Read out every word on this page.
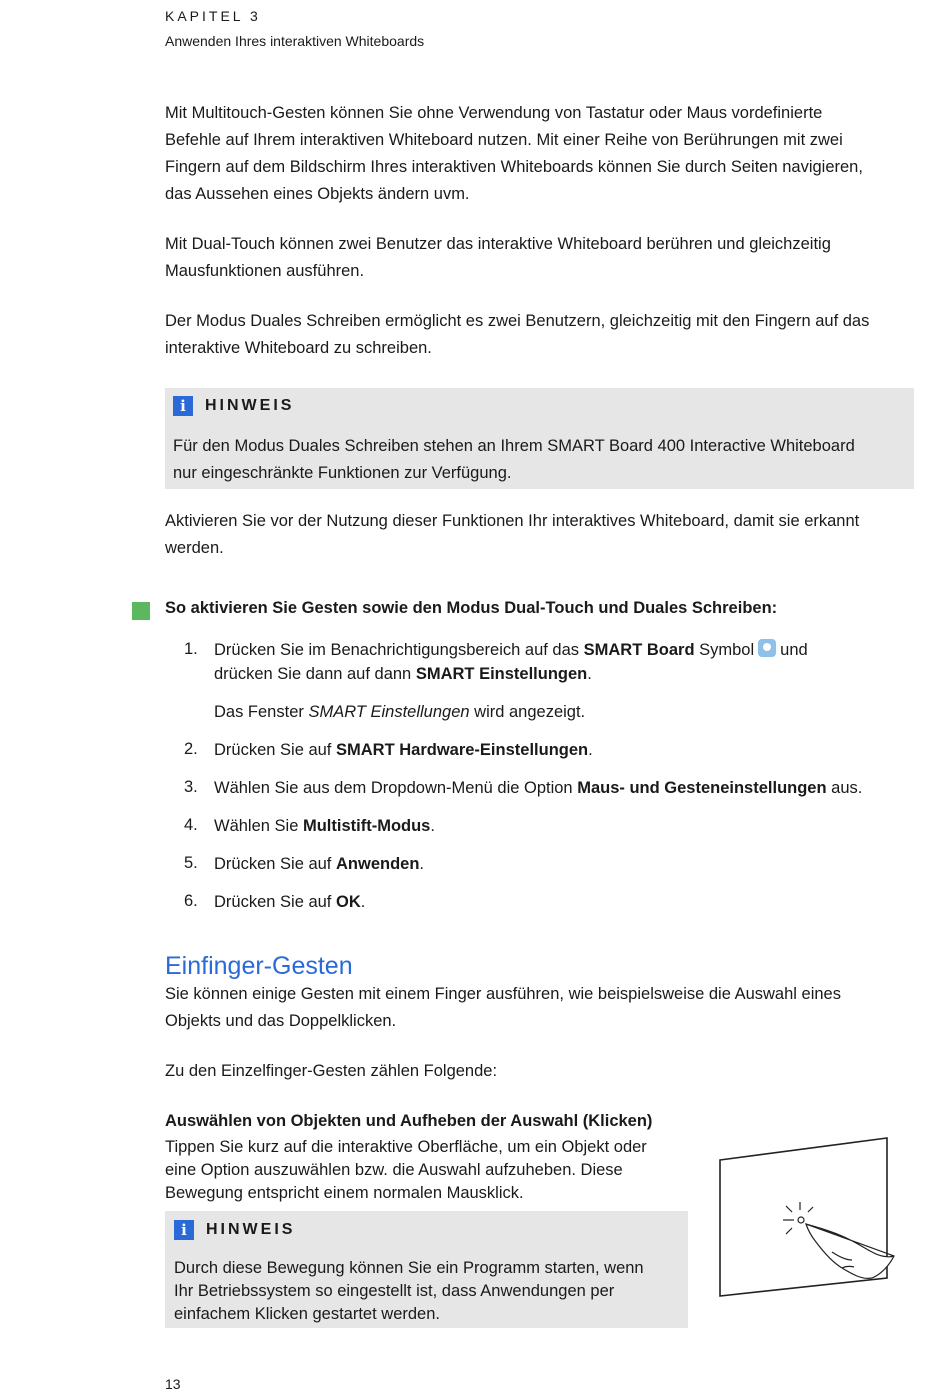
KAPITEL 3
Anwenden Ihres interaktiven Whiteboards
Mit Multitouch-Gesten können Sie ohne Verwendung von Tastatur oder Maus vordefinierte
Befehle auf Ihrem interaktiven Whiteboard nutzen. Mit einer Reihe von Berührungen mit zwei
Fingern auf dem Bildschirm Ihres interaktiven Whiteboards können Sie durch Seiten navigieren,
das Aussehen eines Objekts ändern uvm.
Mit Dual-Touch können zwei Benutzer das interaktive Whiteboard berühren und gleichzeitig
Mausfunktionen ausführen.
Der Modus Duales Schreiben ermöglicht es zwei Benutzern, gleichzeitig mit den Fingern auf das
interaktive Whiteboard zu schreiben.
i	HINWEIS
Für den Modus Duales Schreiben stehen an Ihrem SMART Board 400 Interactive Whiteboard
nur eingeschränkte Funktionen zur Verfügung.
Aktivieren Sie vor der Nutzung dieser Funktionen Ihr interaktives Whiteboard, damit sie erkannt
werden.
So aktivieren Sie Gesten sowie den Modus Dual-Touch und Duales Schreiben:
1. Drücken Sie im Benachrichtigungsbereich auf das SMART Board Symbol und
drücken Sie dann auf dann SMART Einstellungen.
Das Fenster SMART Einstellungen wird angezeigt.
2. Drücken Sie auf SMART Hardware-Einstellungen.
3. Wählen Sie aus dem Dropdown-Menü die Option Maus- und Gesteneinstellungen aus.
4. Wählen Sie Multistift-Modus.
5. Drücken Sie auf Anwenden.
6. Drücken Sie auf OK.
Einfinger-Gesten
Sie können einige Gesten mit einem Finger ausführen, wie beispielsweise die Auswahl eines
Objekts und das Doppelklicken.
Zu den Einzelfinger-Gesten zählen Folgende:
Auswählen von Objekten und Aufheben der Auswahl (Klicken)
Tippen Sie kurz auf die interaktive Oberfläche, um ein Objekt oder
eine Option auszuwählen bzw. die Auswahl aufzuheben. Diese
Bewegung entspricht einem normalen Mausklick.
i	HINWEIS
Durch diese Bewegung können Sie ein Programm starten, wenn
Ihr Betriebssystem so eingestellt ist, dass Anwendungen per
einfachem Klicken gestartet werden.
13
